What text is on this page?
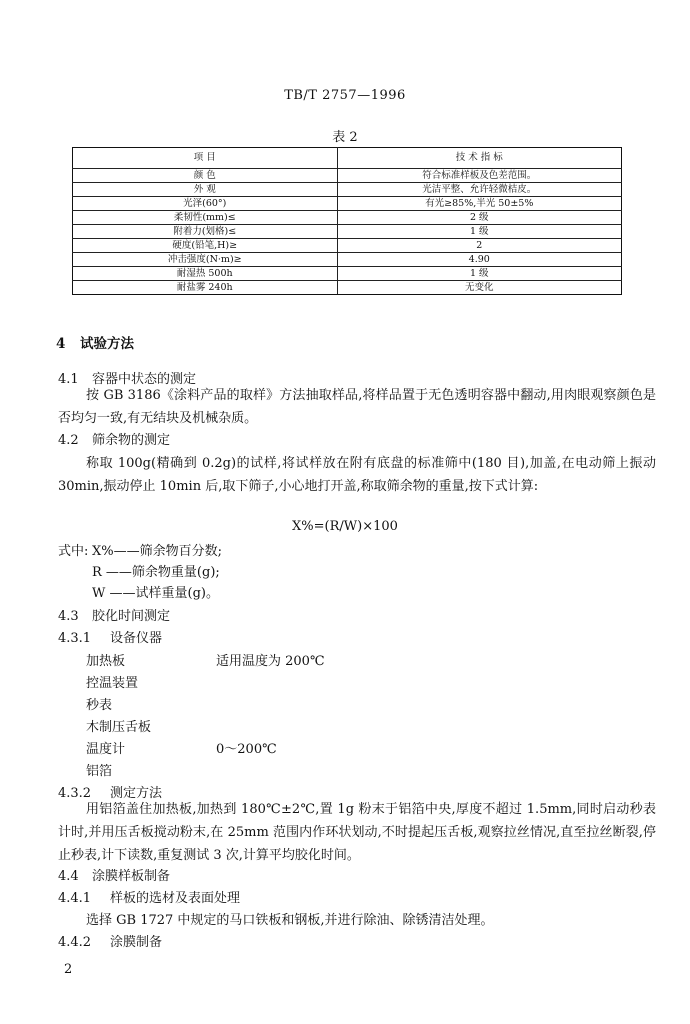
TB/T 2757—1996
表 2
项 目	技 术 指 标
颜 色	符合标准样板及色差范围。
外 观	光洁平整、允许轻微桔皮。
光泽(60°)	有光≥85%,半光 50±5%
柔韧性(mm)≤	2 级
附着力(划格)≤	1 级
硬度(铅笔,H)≥	2
冲击强度(N·m)≥	4.90
耐湿热 500h	1 级
耐盐雾 240h	无变化
4 试验方法
4.1 容器中状态的测定
按 GB 3186《涂料产品的取样》方法抽取样品,将样品置于无色透明容器中翻动,用肉眼观察颜色是否均匀一致,有无结块及机械杂质。
4.2 筛余物的测定
称取 100g(精确到 0.2g)的试样,将试样放在附有底盘的标准筛中(180 目),加盖,在电动筛上振动 30min,振动停止 10min 后,取下筛子,小心地打开盖,称取筛余物的重量,按下式计算:
X%=(R/W)×100
式中: X%——筛余物百分数;
R ——筛余物重量(g);
W ——试样重量(g)。
4.3 胶化时间测定
4.3.1 设备仪器
加热板	适用温度为 200℃
控温装置
秒表
木制压舌板
温度计	0～200℃
铝箔
4.3.2 测定方法
用铝箔盖住加热板,加热到 180℃±2℃,置 1g 粉末于铝箔中央,厚度不超过 1.5mm,同时启动秒表计时,并用压舌板搅动粉末,在 25mm 范围内作环状划动,不时提起压舌板,观察拉丝情况,直至拉丝断裂,停止秒表,计下读数,重复测试 3 次,计算平均胶化时间。
4.4 涂膜样板制备
4.4.1 样板的选材及表面处理
选择 GB 1727 中规定的马口铁板和钢板,并进行除油、除锈清洁处理。
4.4.2 涂膜制备
2
